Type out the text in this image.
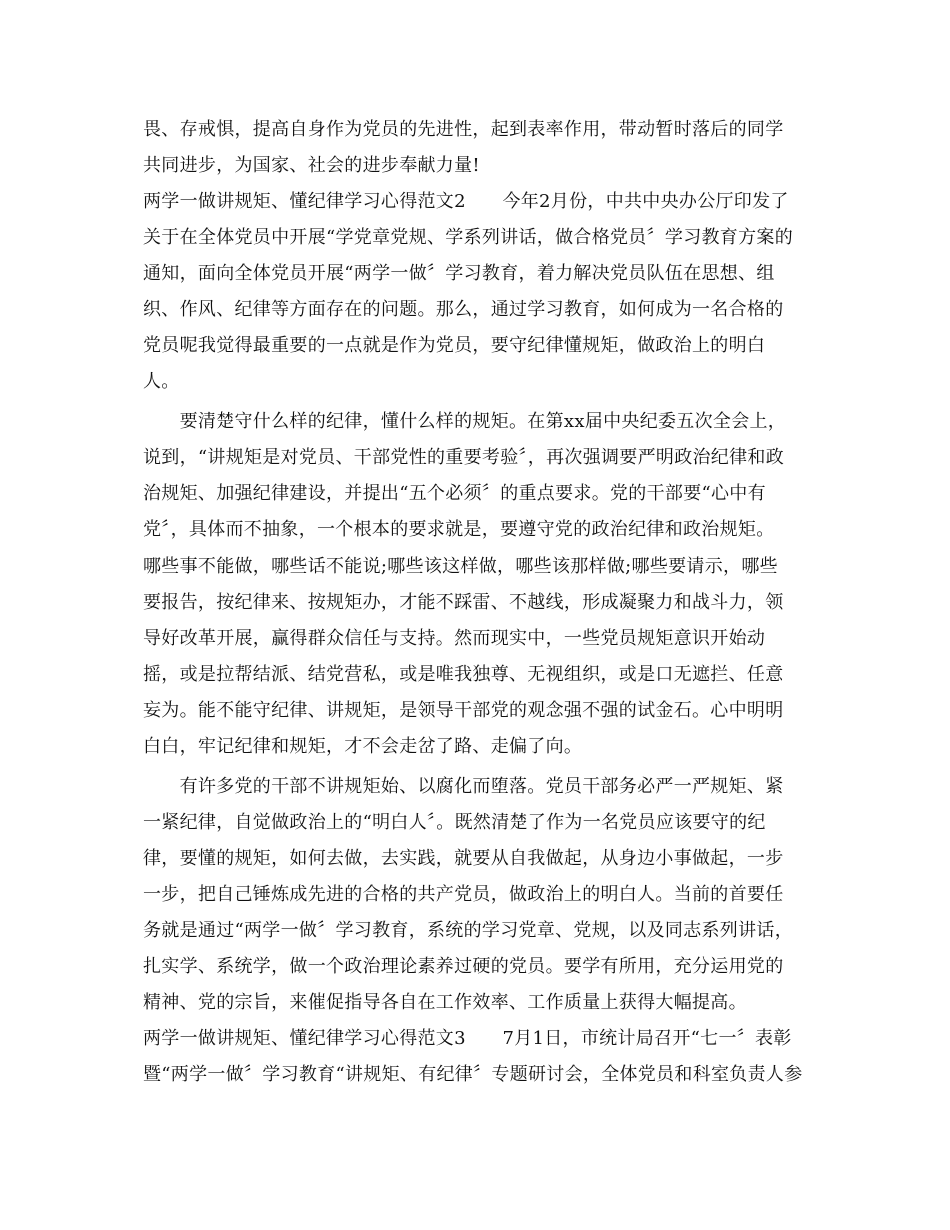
畏、存戒惧，提高自身作为党员的先进性，起到表率作用，带动暂时落后的同学
共同进步，为国家、社会的进步奉献力量!
两学一做讲规矩、懂纪律学习心得范文2　　今年2月份，中共中央办公厅印发了
关于在全体党员中开展“学党章党规、学系列讲话，做合格党员〞学习教育方案的
通知，面向全体党员开展“两学一做〞学习教育，着力解决党员队伍在思想、组
织、作风、纪律等方面存在的问题。那么，通过学习教育，如何成为一名合格的
党员呢我觉得最重要的一点就是作为党员，要守纪律懂规矩，做政治上的明白
人。
　　要清楚守什么样的纪律，懂什么样的规矩。在第xx届中央纪委五次全会上，
说到，“讲规矩是对党员、干部党性的重要考验〞，再次强调要严明政治纪律和政
治规矩、加强纪律建设，并提出“五个必须〞的重点要求。党的干部要“心中有
党〞，具体而不抽象，一个根本的要求就是，要遵守党的政治纪律和政治规矩。
哪些事不能做，哪些话不能说;哪些该这样做，哪些该那样做;哪些要请示，哪些
要报告，按纪律来、按规矩办，才能不踩雷、不越线，形成凝聚力和战斗力，领
导好改革开展，赢得群众信任与支持。然而现实中，一些党员规矩意识开始动
摇，或是拉帮结派、结党营私，或是唯我独尊、无视组织，或是口无遮拦、任意
妄为。能不能守纪律、讲规矩，是领导干部党的观念强不强的试金石。心中明明
白白，牢记纪律和规矩，才不会走岔了路、走偏了向。
　　有许多党的干部不讲规矩始、以腐化而堕落。党员干部务必严一严规矩、紧
一紧纪律，自觉做政治上的“明白人〞。既然清楚了作为一名党员应该要守的纪
律，要懂的规矩，如何去做，去实践，就要从自我做起，从身边小事做起，一步
一步，把自己锤炼成先进的合格的共产党员，做政治上的明白人。当前的首要任
务就是通过“两学一做〞学习教育，系统的学习党章、党规，以及同志系列讲话，
扎实学、系统学，做一个政治理论素养过硬的党员。要学有所用，充分运用党的
精神、党的宗旨，来催促指导各自在工作效率、工作质量上获得大幅提高。
两学一做讲规矩、懂纪律学习心得范文3　　7月1日，市统计局召开“七一〞表彰
暨“两学一做〞学习教育“讲规矩、有纪律〞专题研讨会，全体党员和科室负责人参
